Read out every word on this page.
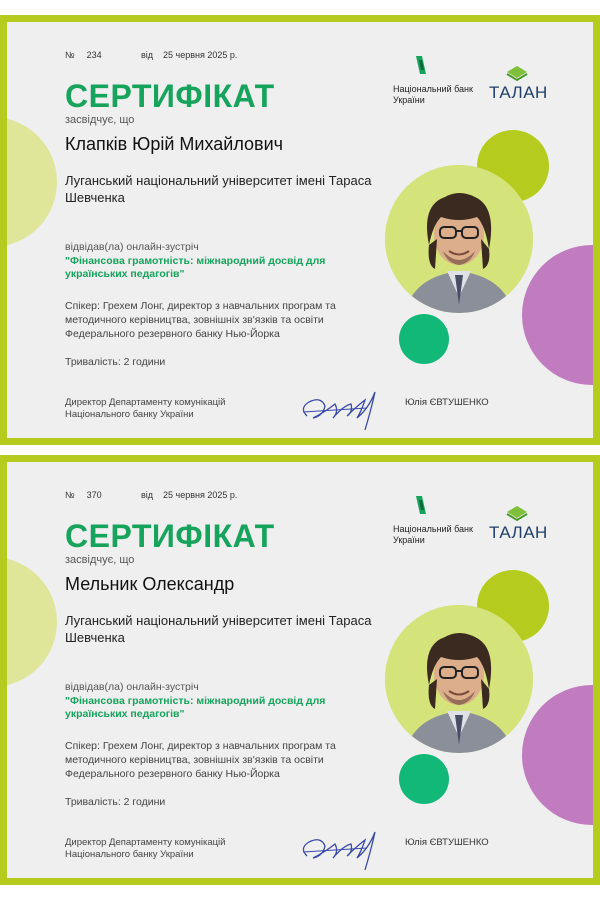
№ 234	від 25 червня 2025 р.
СЕРТИФІКАТ
засвідчує, що
Клапків Юрій Михайлович
Луганський національний університет імені Тараса Шевченка
відвідав(ла) онлайн-зустріч
"Фінансова грамотність: міжнародний досвід для українських педагогів"
Спікер: Грехем Лонг, директор з навчальних програм та методичного керівництва, зовнішніх зв'язків та освіти Федерального резервного банку Нью-Йорка
Тривалість: 2 години
Директор Департаменту комунікацій Національного банку України
Юлія ЄВТУШЕНКО
Національний банк України	ТАЛАН
№ 370	від 25 червня 2025 р.
СЕРТИФІКАТ
засвідчує, що
Мельник Олександр
Луганський національний університет імені Тараса Шевченка
відвідав(ла) онлайн-зустріч
"Фінансова грамотність: міжнародний досвід для українських педагогів"
Спікер: Грехем Лонг, директор з навчальних програм та методичного керівництва, зовнішніх зв'язків та освіти Федерального резервного банку Нью-Йорка
Тривалість: 2 години
Директор Департаменту комунікацій Національного банку України
Юлія ЄВТУШЕНКО
Національний банк України	ТАЛАН
